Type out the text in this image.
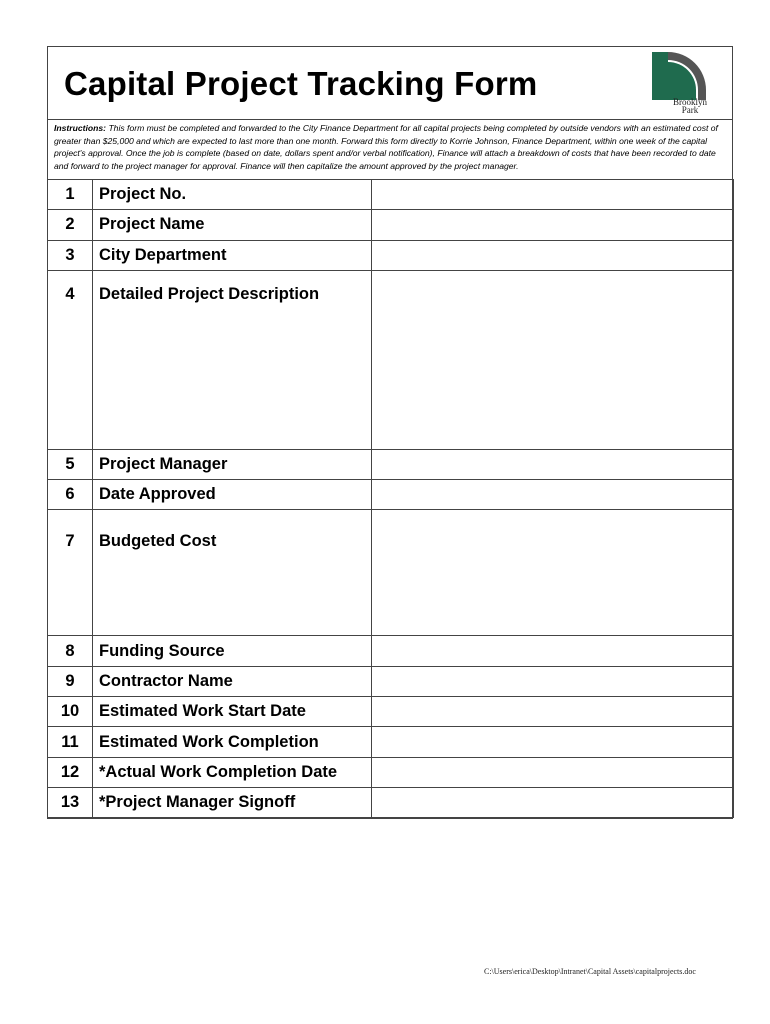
Capital Project Tracking Form	Brooklyn
Park
Instructions: This form must be completed and forwarded to the City Finance Department for all capital projects being completed by outside vendors with an estimated cost of greater than $25,000 and which are expected to last more than one month. Forward this form directly to Korrie Johnson, Finance Department, within one week of the capital project's approval. Once the job is complete (based on date, dollars spent and/or verbal notification), Finance will attach a breakdown of costs that have been recorded to date and forward to the project manager for approval. Finance will then capitalize the amount approved by the project manager.
1	Project No.	
2	Project Name	
3	City Department	
4	Detailed Project Description	
5	Project Manager	
6	Date Approved	
7	Budgeted Cost	
8	Funding Source	
9	Contractor Name	
10	Estimated Work Start Date	
11	Estimated Work Completion	
12	*Actual Work Completion Date	
13	*Project Manager Signoff	
C:\Users\erica\Desktop\Intranet\Capital Assets\capitalprojects.doc
